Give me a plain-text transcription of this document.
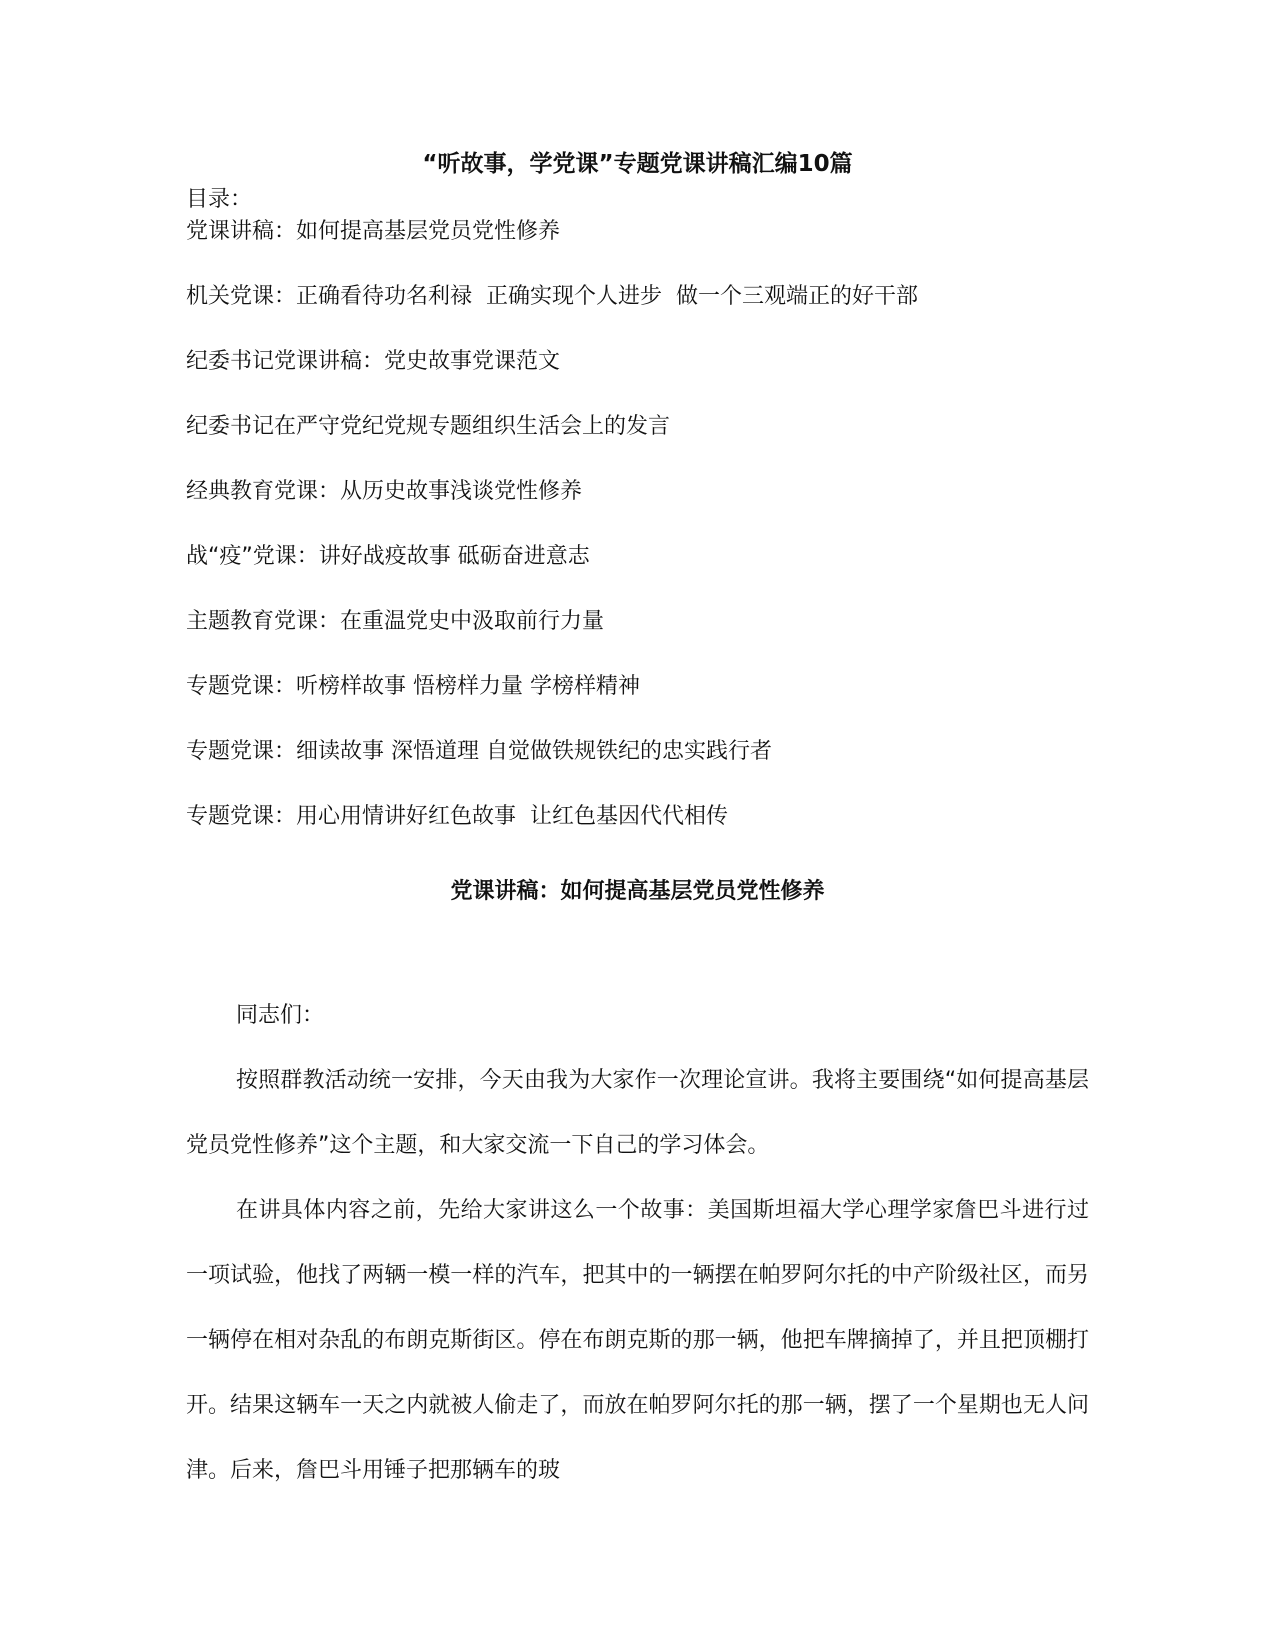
“听故事，学党课”专题党课讲稿汇编10篇
目录：
党课讲稿：如何提高基层党员党性修养
机关党课：正确看待功名利禄  正确实现个人进步  做一个三观端正的好干部
纪委书记党课讲稿：党史故事党课范文
纪委书记在严守党纪党规专题组织生活会上的发言
经典教育党课：从历史故事浅谈党性修养
战“疫”党课：讲好战疫故事 砥砺奋进意志
主题教育党课：在重温党史中汲取前行力量
专题党课：听榜样故事 悟榜样力量 学榜样精神
专题党课：细读故事 深悟道理 自觉做铁规铁纪的忠实践行者
专题党课：用心用情讲好红色故事  让红色基因代代相传
党课讲稿：如何提高基层党员党性修养

同志们：

按照群教活动统一安排，今天由我为大家作一次理论宣讲。我将主要围绕“如何提高基层党员党性修养”这个主题，和大家交流一下自己的学习体会。

在讲具体内容之前，先给大家讲这么一个故事：美国斯坦福大学心理学家詹巴斗进行过一项试验，他找了两辆一模一样的汽车，把其中的一辆摆在帕罗阿尔托的中产阶级社区，而另一辆停在相对杂乱的布朗克斯街区。停在布朗克斯的那一辆，他把车牌摘掉了，并且把顶棚打开。结果这辆车一天之内就被人偷走了，而放在帕罗阿尔托的那一辆，摆了一个星期也无人问津。后来，詹巴斗用锤子把那辆车的玻
